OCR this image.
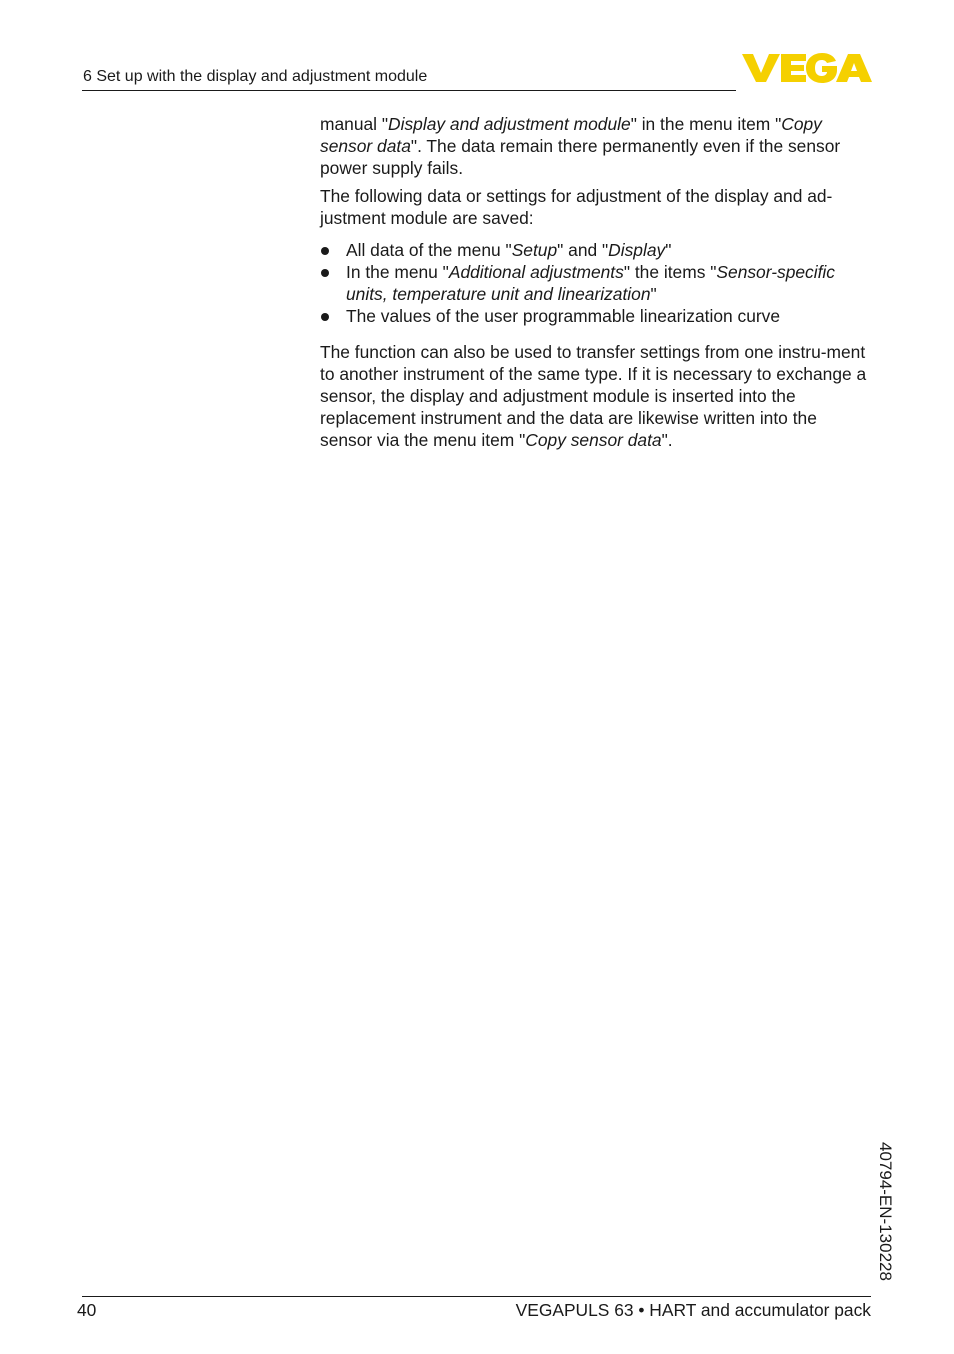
6 Set up with the display and adjustment module

manual "Display and adjustment module" in the menu item "Copy sensor data". The data remain there permanently even if the sensor power supply fails.

The following data or settings for adjustment of the display and ad-justment module are saved:

All data of the menu "Setup" and "Display"
In the menu "Additional adjustments" the items "Sensor-specific units, temperature unit and linearization"
The values of the user programmable linearization curve

The function can also be used to transfer settings from one instru-ment to another instrument of the same type. If it is necessary to exchange a sensor, the display and adjustment module is inserted into the replacement instrument and the data are likewise written into the sensor via the menu item "Copy sensor data".

40794-EN-130228
40	VEGAPULS 63 • HART and accumulator pack
